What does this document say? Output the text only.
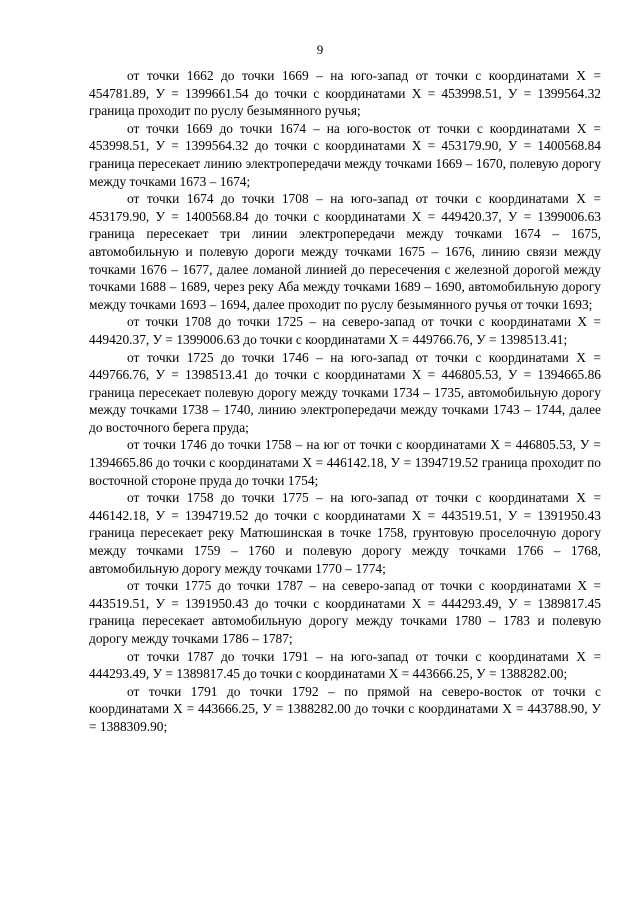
9

от точки 1662 до точки 1669 – на юго-запад от точки с координатами Х = 454781.89, У = 1399661.54 до точки с координатами Х = 453998.51, У = 1399564.32 граница проходит по руслу безымянного ручья;

от точки 1669 до точки 1674 – на юго-восток от точки с координатами Х = 453998.51, У = 1399564.32 до точки с координатами Х = 453179.90, У = 1400568.84 граница пересекает линию электропередачи между точками 1669 – 1670, полевую дорогу между точками 1673 – 1674;

от точки 1674 до точки 1708 – на юго-запад от точки с координатами Х = 453179.90, У = 1400568.84 до точки с координатами Х = 449420.37, У = 1399006.63 граница пересекает три линии электропередачи между точками 1674 – 1675, автомобильную и полевую дороги между точками 1675 – 1676, линию связи между точками 1676 – 1677, далее ломаной линией до пересечения с железной дорогой между точками 1688 – 1689, через реку Аба между точками 1689 – 1690, автомобильную дорогу между точками 1693 – 1694, далее проходит по руслу безымянного ручья от точки 1693;

от точки 1708 до точки 1725 – на северо-запад от точки с координатами Х = 449420.37, У = 1399006.63 до точки с координатами Х = 449766.76, У = 1398513.41;

от точки 1725 до точки 1746 – на юго-запад от точки с координатами Х = 449766.76, У = 1398513.41 до точки с координатами Х = 446805.53, У = 1394665.86 граница пересекает полевую дорогу между точками 1734 – 1735, автомобильную дорогу между точками 1738 – 1740, линию электропередачи между точками 1743 – 1744, далее до восточного берега пруда;

от точки 1746 до точки 1758 – на юг от точки с координатами Х = 446805.53, У = 1394665.86 до точки с координатами Х = 446142.18, У = 1394719.52 граница проходит по восточной стороне пруда до точки 1754;

от точки 1758 до точки 1775 – на юго-запад от точки с координатами Х = 446142.18, У = 1394719.52 до точки с координатами Х = 443519.51, У = 1391950.43 граница пересекает реку Матюшинская в точке 1758, грунтовую проселочную дорогу между точками 1759 – 1760 и полевую дорогу между точками 1766 – 1768, автомобильную дорогу между точками 1770 – 1774;

от точки 1775 до точки 1787 – на северо-запад от точки с координатами Х = 443519.51, У = 1391950.43 до точки с координатами Х = 444293.49, У = 1389817.45 граница пересекает автомобильную дорогу между точками 1780 – 1783 и полевую дорогу между точками 1786 – 1787;

от точки 1787 до точки 1791 – на юго-запад от точки с координатами Х = 444293.49, У = 1389817.45 до точки с координатами Х = 443666.25, У = 1388282.00;

от точки 1791 до точки 1792 – по прямой на северо-восток от точки с координатами Х = 443666.25, У = 1388282.00 до точки с координатами Х = 443788.90, У = 1388309.90;
